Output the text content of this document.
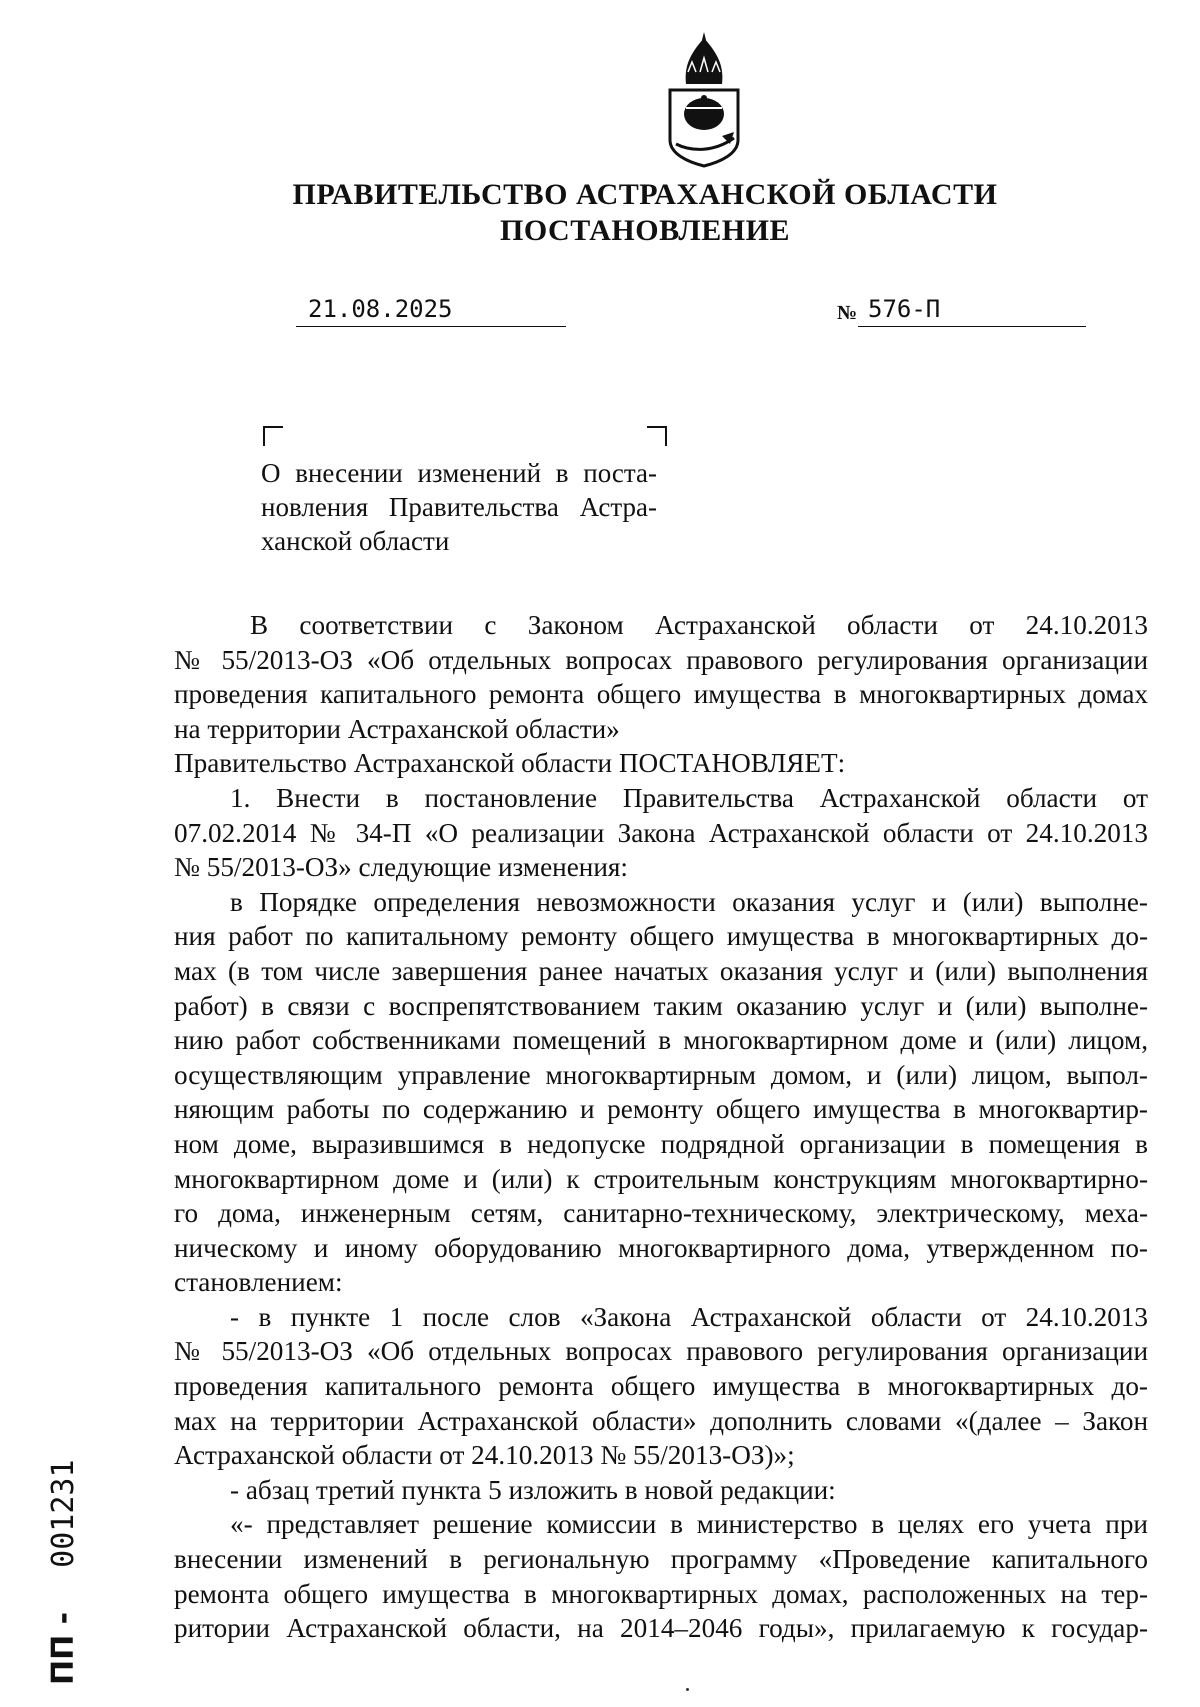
ПРАВИТЕЛЬСТВО АСТРАХАНСКОЙ ОБЛАСТИ
ПОСТАНОВЛЕНИЕ
21.08.2025	№ 576-П
О внесении изменений в поста-
новления Правительства Астра-
ханской области
В соответствии с Законом Астраханской области от 24.10.2013
№ 55/2013-ОЗ «Об отдельных вопросах правового регулирования организации
проведения капитального ремонта общего имущества в многоквартирных домах
на территории Астраханской области»
Правительство Астраханской области ПОСТАНОВЛЯЕТ:
1. Внести в постановление Правительства Астраханской области от
07.02.2014 № 34-П «О реализации Закона Астраханской области от 24.10.2013
№ 55/2013-ОЗ» следующие изменения:
в Порядке определения невозможности оказания услуг и (или) выполне-
ния работ по капитальному ремонту общего имущества в многоквартирных до-
мах (в том числе завершения ранее начатых оказания услуг и (или) выполнения
работ) в связи с воспрепятствованием таким оказанию услуг и (или) выполне-
нию работ собственниками помещений в многоквартирном доме и (или) лицом,
осуществляющим управление многоквартирным домом, и (или) лицом, выпол-
няющим работы по содержанию и ремонту общего имущества в многоквартир-
ном доме, выразившимся в недопуске подрядной организации в помещения в
многоквартирном доме и (или) к строительным конструкциям многоквартирно-
го дома, инженерным сетям, санитарно-техническому, электрическому, меха-
ническому и иному оборудованию многоквартирного дома, утвержденном по-
становлением:
- в пункте 1 после слов «Закона Астраханской области от 24.10.2013
№ 55/2013-ОЗ «Об отдельных вопросах правового регулирования организации
проведения капитального ремонта общего имущества в многоквартирных до-
мах на территории Астраханской области» дополнить словами «(далее – Закон
Астраханской области от 24.10.2013 № 55/2013-ОЗ)»;
- абзац третий пункта 5 изложить в новой редакции:
«- представляет решение комиссии в министерство в целях его учета при
внесении изменений в региональную программу «Проведение капитального
ремонта общего имущества в многоквартирных домах, расположенных на тер-
ритории Астраханской области, на 2014–2046 годы», прилагаемую к государ-
ПП - 001231
